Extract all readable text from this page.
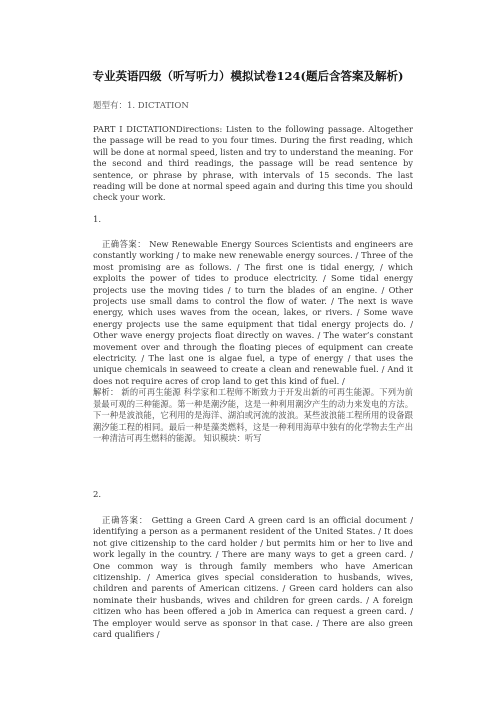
专业英语四级（听写听力）模拟试卷124(题后含答案及解析)
题型有：1. DICTATION
PART I DICTATIONDirections: Listen to the following passage. Altogether the passage will be read to you four times. During the first reading, which will be done at normal speed, listen and try to understand the meaning. For the second and third readings, the passage will be read sentence by sentence, or phrase by phrase, with intervals of 15 seconds. The last reading will be done at normal speed again and during this time you should check your work.
1.
正确答案： New Renewable Energy Sources Scientists and engineers are constantly working / to make new renewable energy sources. / Three of the most promising are as follows. / The first one is tidal energy, / which exploits the power of tides to produce electricity. / Some tidal energy projects use the moving tides / to turn the blades of an engine. / Other projects use small dams to control the flow of water. / The next is wave energy, which uses waves from the ocean, lakes, or rivers. / Some wave energy projects use the same equipment that tidal energy projects do. / Other wave energy projects float directly on waves. / The water’s constant movement over and through the floating pieces of equipment can create electricity. / The last one is algae fuel, a type of energy / that uses the unique chemicals in seaweed to create a clean and renewable fuel. / And it does not require acres of crop land to get this kind of fuel. /
解析： 新的可再生能源 科学家和工程师不断致力于开发出新的可再生能源。下列为前景最可观的三种能源。第一种是潮汐能，这是一种利用潮汐产生的动力来发电的方法。下一种是波浪能，它利用的是海洋、湖泊或河流的波浪。某些波浪能工程所用的设备跟潮汐能工程的相同。最后一种是藻类燃料，这是一种利用海草中独有的化学物去生产出一种清洁可再生燃料的能源。 知识模块：听写
2.
正确答案： Getting a Green Card A green card is an official document / identifying a person as a permanent resident of the United States. / It does not give citizenship to the card holder / but permits him or her to live and work legally in the country. / There are many ways to get a green card. / One common way is through family members who have American citizenship. / America gives special consideration to husbands, wives, children and parents of American citizens. / Green card holders can also nominate their husbands, wives and children for green cards. / A foreign citizen who has been offered a job in America can request a green card. / The employer would serve as sponsor in that case. / There are also green card qualifiers /
